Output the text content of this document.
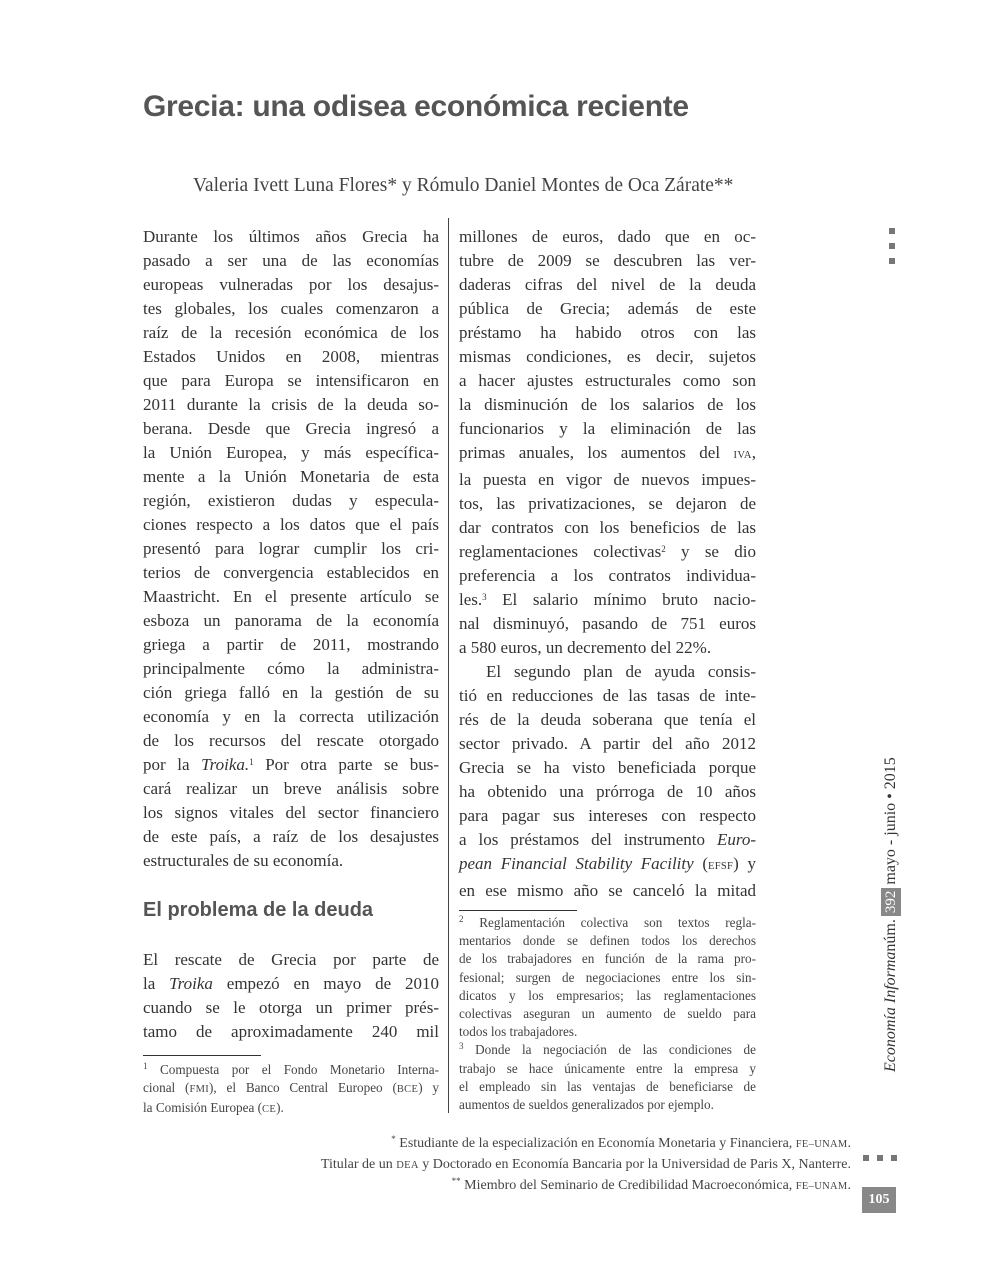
Grecia: una odisea económica reciente
Valeria Ivett Luna Flores* y Rómulo Daniel Montes de Oca Zárate**

Durante los últimos años Grecia ha

pasado a ser una de las economías

europeas vulneradas por los desajus-

tes globales, los cuales comenzaron a

raíz de la recesión económica de los

Estados Unidos en 2008, mientras

que para Europa se intensificaron en

2011 durante la crisis de la deuda so-

berana. Desde que Grecia ingresó a

la Unión Europea, y más específica-

mente a la Unión Monetaria de esta

región, existieron dudas y especula-

ciones respecto a los datos que el país

presentó para lograr cumplir los cri-

terios de convergencia establecidos en

Maastricht. En el presente artículo se

esboza un panorama de la economía

griega a partir de 2011, mostrando

principalmente cómo la administra-

ción griega falló en la gestión de su

economía y en la correcta utilización

de los recursos del rescate otorgado

por la Troika.$^1$ Por otra parte se bus-

cará realizar un breve análisis sobre

los signos vitales del sector financiero

de este país, a raíz de los desajustes

estructurales de su economía.

El problema de la deuda

El rescate de Grecia por parte de

la Troika empezó en mayo de 2010

cuando se le otorga un primer prés-

tamo de aproximadamente 240 mil

millones de euros, dado que en oc-

tubre de 2009 se descubren las ver-

daderas cifras del nivel de la deuda

pública de Grecia; además de este

préstamo ha habido otros con las

mismas condiciones, es decir, sujetos

a hacer ajustes estructurales como son

la disminución de los salarios de los

funcionarios y la eliminación de las

primas anuales, los aumentos del IVA,

la puesta en vigor de nuevos impues-

tos, las privatizaciones, se dejaron de

dar contratos con los beneficios de las

reglamentaciones colectivas$^2$ y se dio

preferencia a los contratos individua-

les.$^3$ El salario mínimo bruto nacio-

nal disminuyó, pasando de 751 euros

a 580 euros, un decremento del 22%.

El segundo plan de ayuda consis-

tió en reducciones de las tasas de inte-

rés de la deuda soberana que tenía el

sector privado. A partir del año 2012

Grecia se ha visto beneficiada porque

ha obtenido una prórroga de 10 años

para pagar sus intereses con respecto

a los préstamos del instrumento Euro-

pean Financial Stability Facility (EFSF) y

en ese mismo año se canceló la mitad

$^1$ Compuesta por el Fondo Monetario Interna-

cional (FMI), el Banco Central Europeo (BCE) y

la Comisión Europea (CE).

$^2$ Reglamentación colectiva son textos regla-

mentarios donde se definen todos los derechos

de los trabajadores en función de la rama pro-

fesional; surgen de negociaciones entre los sin-

dicatos y los empresarios; las reglamentaciones

colectivas aseguran un aumento de sueldo para

todos los trabajadores.

$^3$ Donde la negociación de las condiciones de

trabajo se hace únicamente entre la empresa y

el empleado sin las ventajas de beneficiarse de

aumentos de sueldos generalizados por ejemplo.

* Estudiante de la especialización en Economía Monetaria y Financiera, FE–UNAM.
Titular de un DEA y Doctorado en Economía Bancaria por la Universidad de Paris X, Nanterre.
** Miembro del Seminario de Credibilidad Macroeconómica, FE–UNAM.
Economía Informa
núm.
392
mayo - junio • 2015
105
